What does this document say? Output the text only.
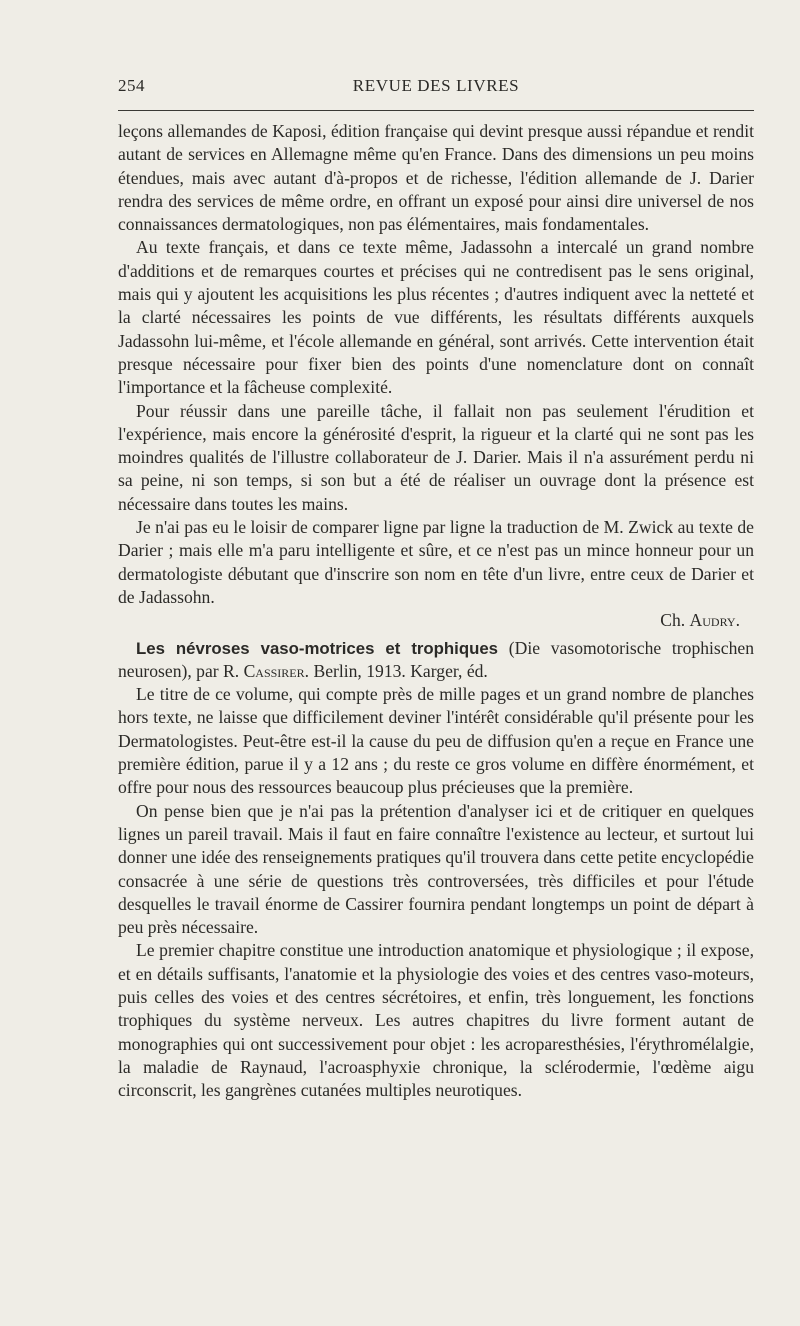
254	REVUE DES LIVRES

leçons allemandes de Kaposi, édition française qui devint presque aussi répandue et rendit autant de services en Allemagne même qu'en France. Dans des dimensions un peu moins étendues, mais avec autant d'à-propos et de richesse, l'édition allemande de J. Darier rendra des services de même ordre, en offrant un exposé pour ainsi dire universel de nos connaissances dermatologiques, non pas élémentaires, mais fondamentales.

Au texte français, et dans ce texte même, Jadassohn a intercalé un grand nombre d'additions et de remarques courtes et précises qui ne contredisent pas le sens original, mais qui y ajoutent les acquisitions les plus récentes ; d'autres indiquent avec la netteté et la clarté nécessaires les points de vue différents, les résultats différents auxquels Jadassohn lui-même, et l'école allemande en général, sont arrivés. Cette intervention était presque nécessaire pour fixer bien des points d'une nomenclature dont on connaît l'importance et la fâcheuse complexité.

Pour réussir dans une pareille tâche, il fallait non pas seulement l'érudition et l'expérience, mais encore la générosité d'esprit, la rigueur et la clarté qui ne sont pas les moindres qualités de l'illustre collaborateur de J. Darier. Mais il n'a assurément perdu ni sa peine, ni son temps, si son but a été de réaliser un ouvrage dont la présence est nécessaire dans toutes les mains.

Je n'ai pas eu le loisir de comparer ligne par ligne la traduction de M. Zwick au texte de Darier ; mais elle m'a paru intelligente et sûre, et ce n'est pas un mince honneur pour un dermatologiste débutant que d'inscrire son nom en tête d'un livre, entre ceux de Darier et de Jadassohn.

Ch. Audry.

Les névroses vaso-motrices et trophiques (Die vasomotorische trophischen neurosen), par R. Cassirer. Berlin, 1913. Karger, éd.

Le titre de ce volume, qui compte près de mille pages et un grand nombre de planches hors texte, ne laisse que difficilement deviner l'intérêt considérable qu'il présente pour les Dermatologistes. Peut-être est-il la cause du peu de diffusion qu'en a reçue en France une première édition, parue il y a 12 ans ; du reste ce gros volume en diffère énormément, et offre pour nous des ressources beaucoup plus précieuses que la première.

On pense bien que je n'ai pas la prétention d'analyser ici et de critiquer en quelques lignes un pareil travail. Mais il faut en faire connaître l'existence au lecteur, et surtout lui donner une idée des renseignements pratiques qu'il trouvera dans cette petite encyclopédie consacrée à une série de questions très controversées, très difficiles et pour l'étude desquelles le travail énorme de Cassirer fournira pendant longtemps un point de départ à peu près nécessaire.

Le premier chapitre constitue une introduction anatomique et physiologique ; il expose, et en détails suffisants, l'anatomie et la physiologie des voies et des centres vaso-moteurs, puis celles des voies et des centres sécrétoires, et enfin, très longuement, les fonctions trophiques du système nerveux. Les autres chapitres du livre forment autant de monographies qui ont successivement pour objet : les acroparesthésies, l'érythromélalgie, la maladie de Raynaud, l'acroasphyxie chronique, la sclérodermie, l'œdème aigu circonscrit, les gangrènes cutanées multiples neurotiques.
